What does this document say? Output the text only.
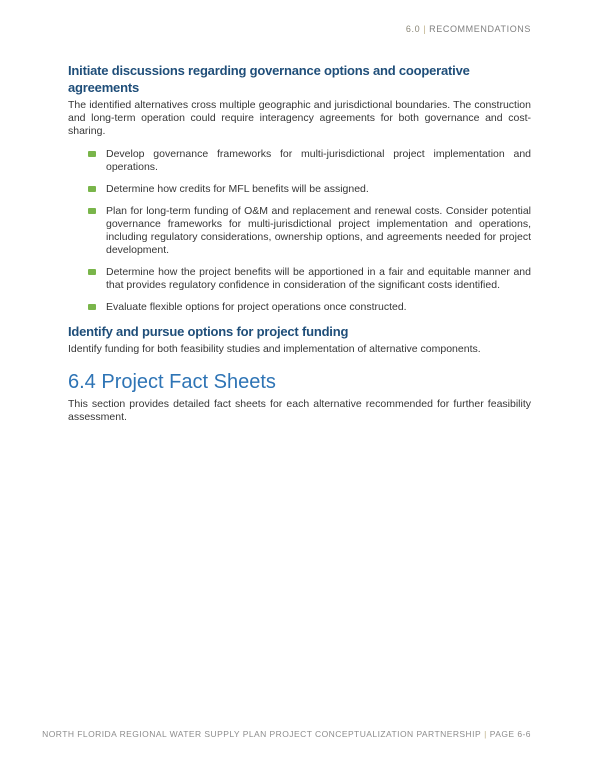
6.0 | RECOMMENDATIONS
Initiate discussions regarding governance options and cooperative agreements

The identified alternatives cross multiple geographic and jurisdictional boundaries. The construction and long-term operation could require interagency agreements for both governance and cost-sharing.

Develop governance frameworks for multi-jurisdictional project implementation and operations.
Determine how credits for MFL benefits will be assigned.
Plan for long-term funding of O&M and replacement and renewal costs. Consider potential governance frameworks for multi-jurisdictional project implementation and operations, including regulatory considerations, ownership options, and agreements needed for project development.
Determine how the project benefits will be apportioned in a fair and equitable manner and that provides regulatory confidence in consideration of the significant costs identified.
Evaluate flexible options for project operations once constructed.
Identify and pursue options for project funding

Identify funding for both feasibility studies and implementation of alternative components.

6.4 Project Fact Sheets

This section provides detailed fact sheets for each alternative recommended for further feasibility assessment.

NORTH FLORIDA REGIONAL WATER SUPPLY PLAN PROJECT CONCEPTUALIZATION PARTNERSHIP | PAGE 6-6
